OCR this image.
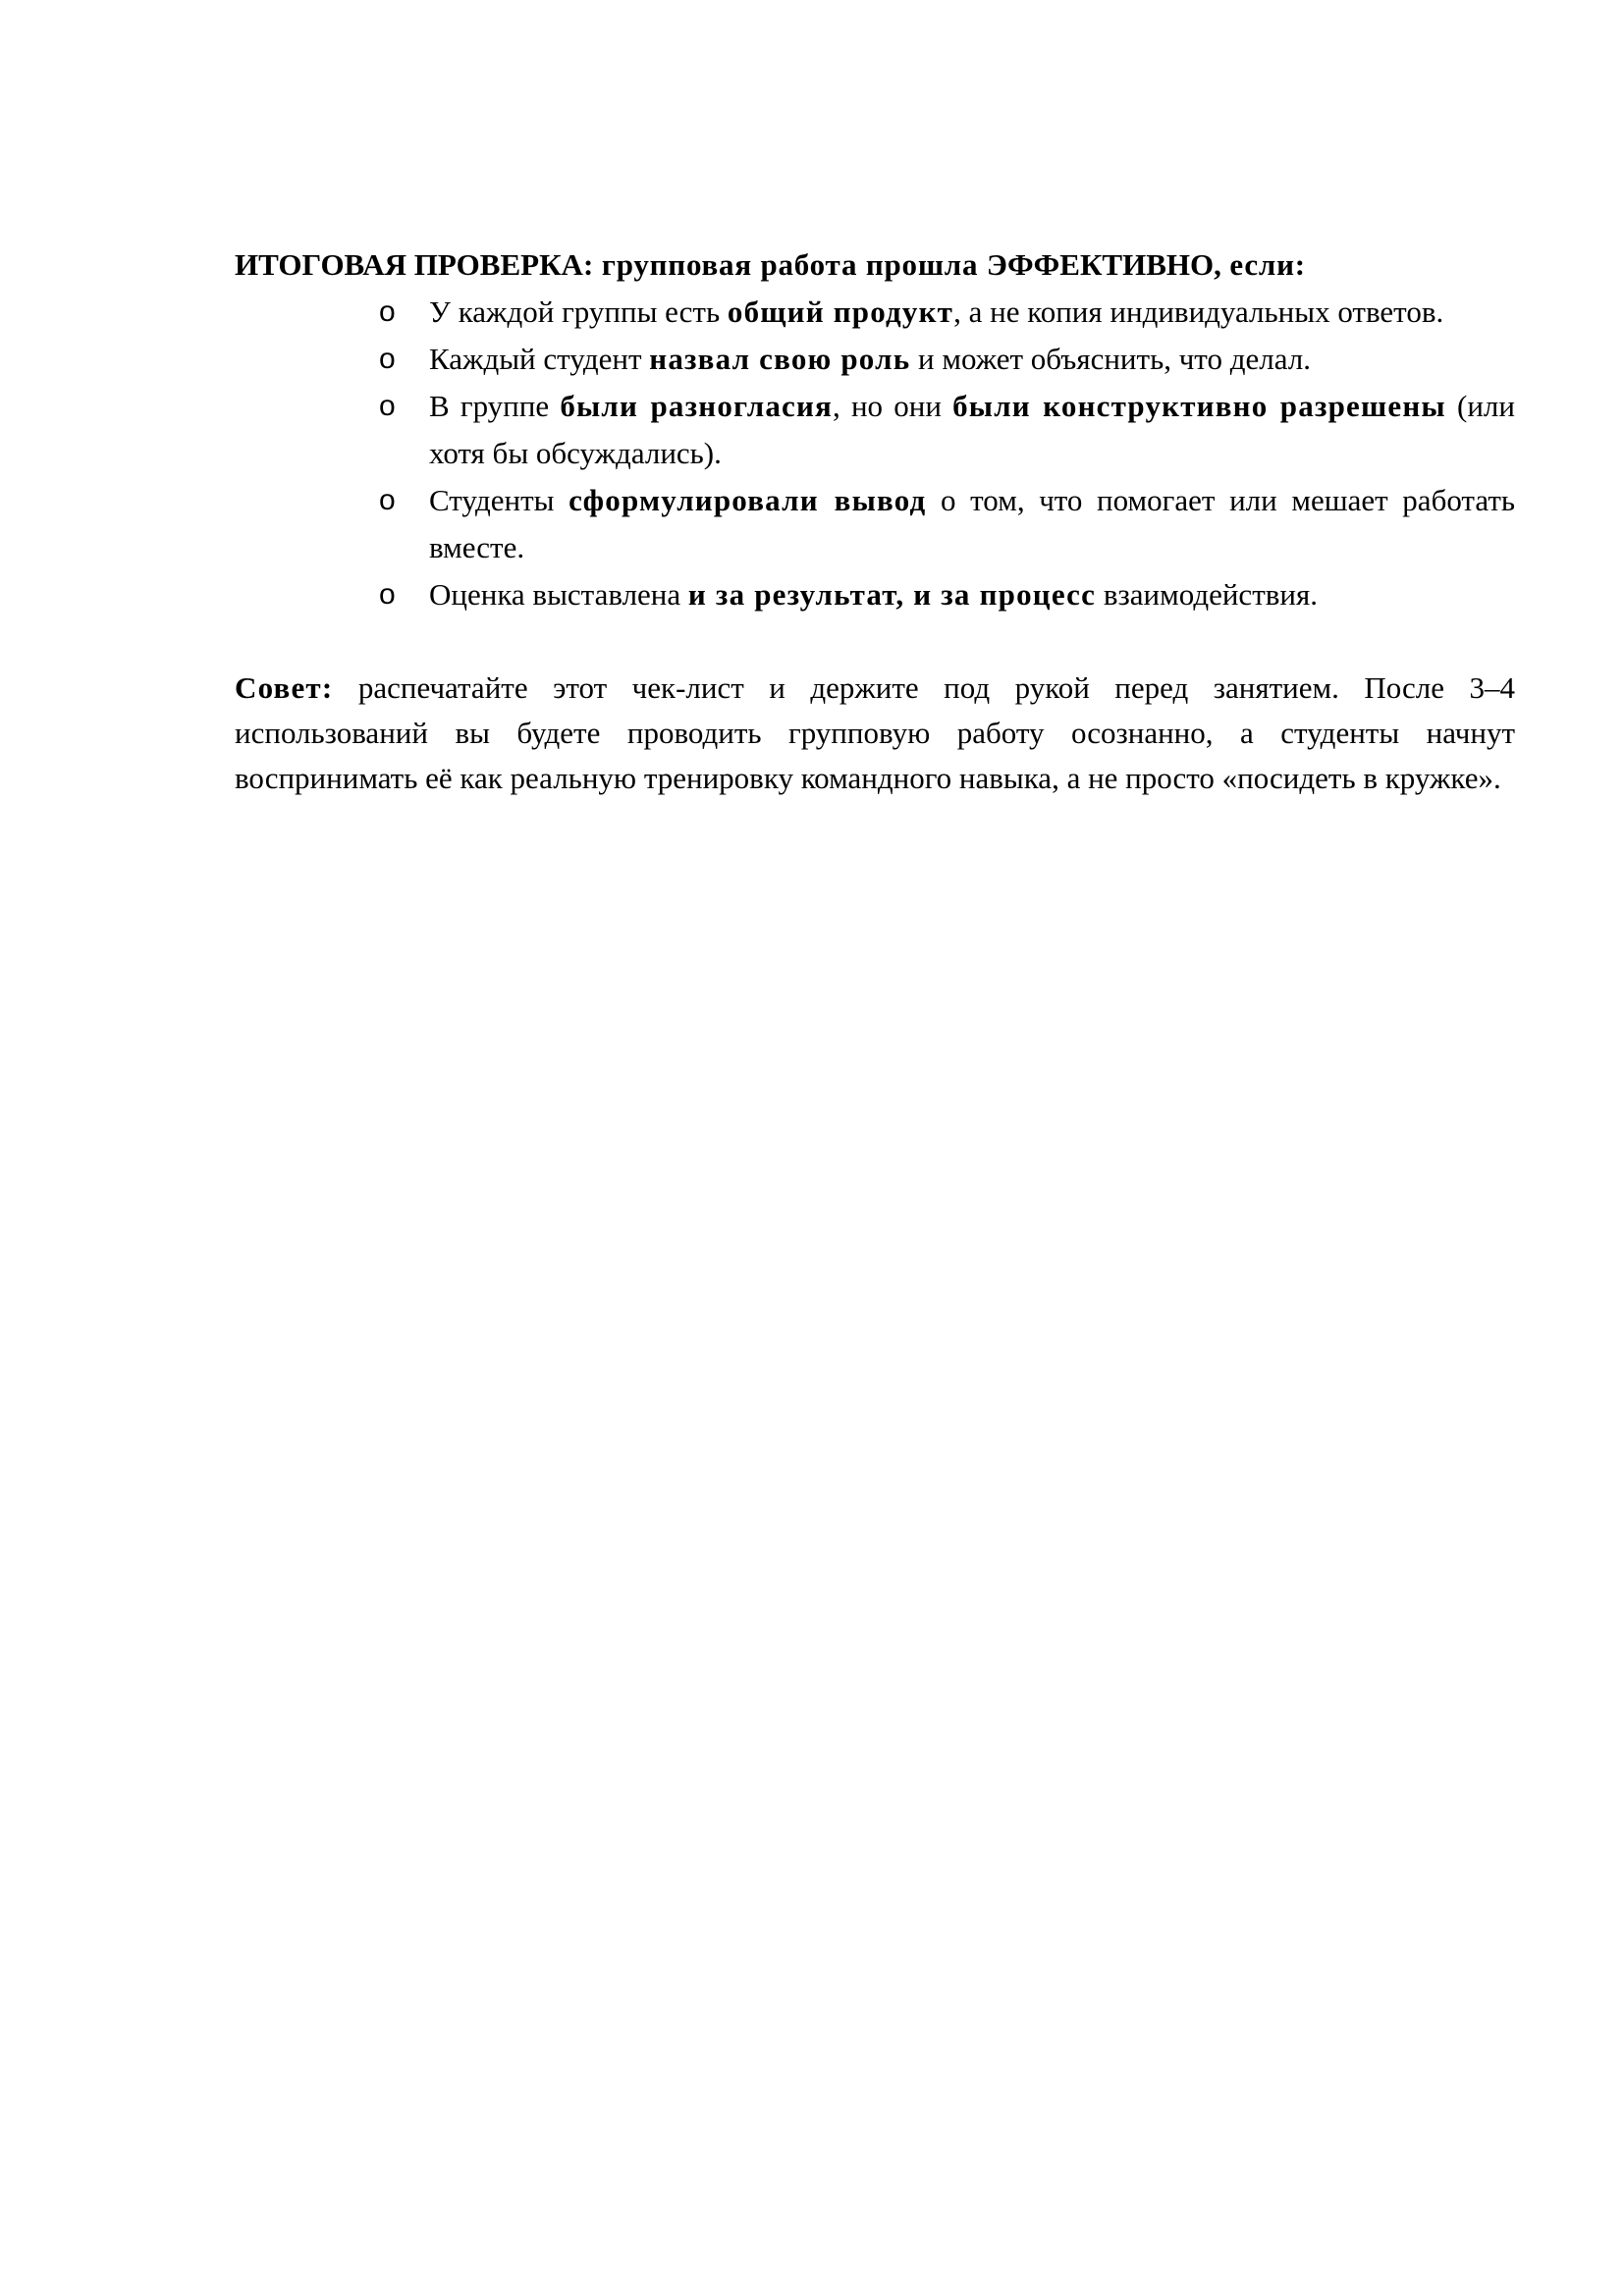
ИТОГОВАЯ ПРОВЕРКА: групповая работа прошла ЭФФЕКТИВНО, если:

o У каждой группы есть общий продукт, а не копия индивидуальных ответов.
o Каждый студент назвал свою роль и может объяснить, что делал.
o В группе были разногласия, но они были конструктивно разрешены (или хотя бы обсуждались).
o Студенты сформулировали вывод о том, что помогает или мешает работать вместе.
o Оценка выставлена и за результат, и за процесс взаимодействия.

Совет: распечатайте этот чек-лист и держите под рукой перед занятием. После 3–4 использований вы будете проводить групповую работу осознанно, а студенты начнут воспринимать её как реальную тренировку командного навыка, а не просто «посидеть в кружке».
